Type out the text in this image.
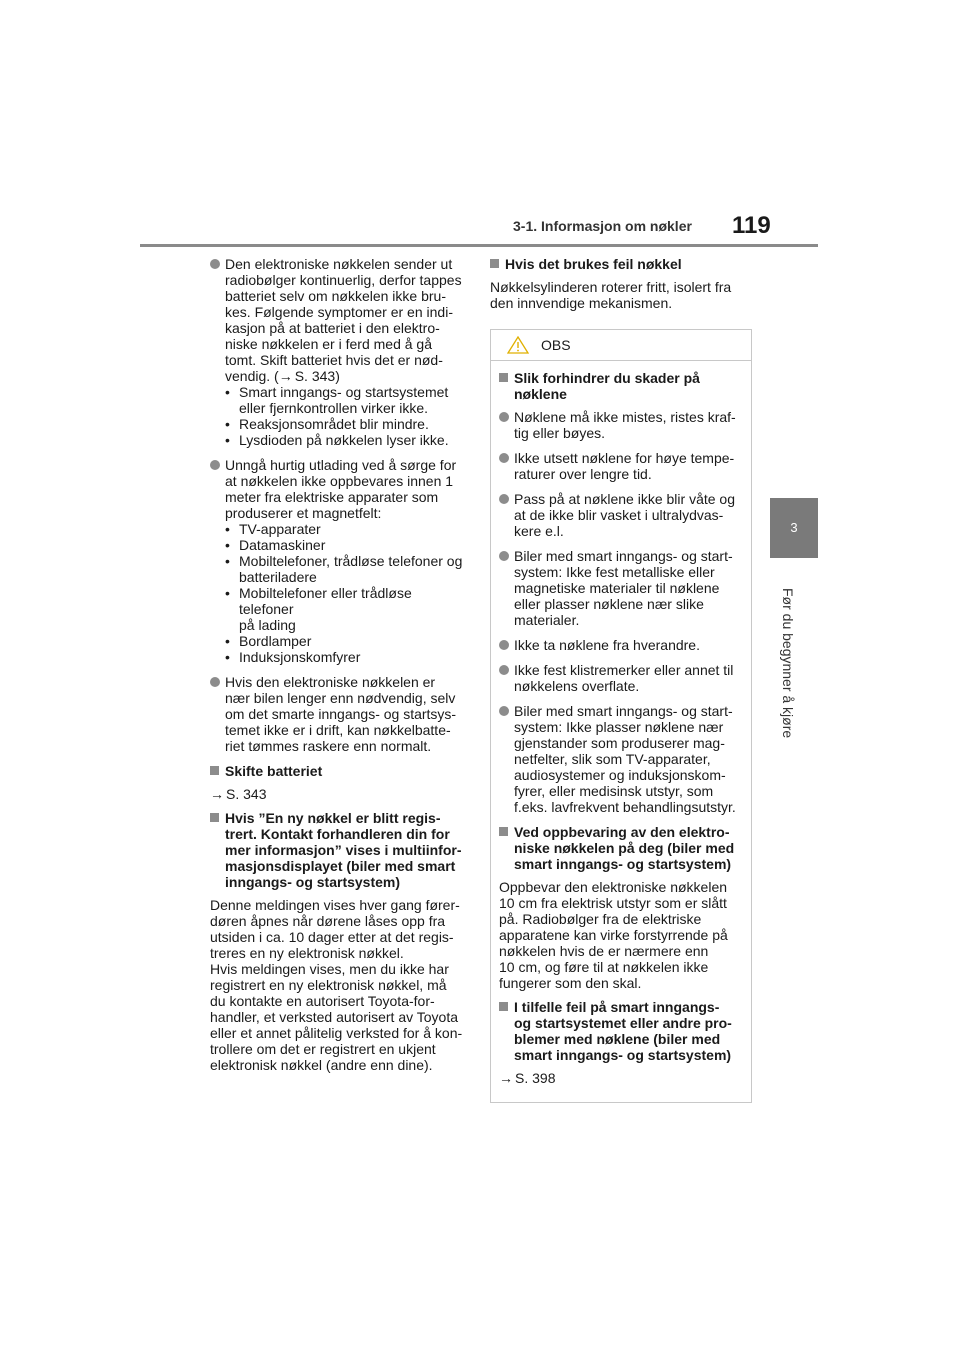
3-1. Informasjon om nøkler 119
3
Før du begynner å kjøre
Den elektroniske nøkkelen sender ut
radiobølger kontinuerlig, derfor tappes
batteriet selv om nøkkelen ikke bru-
kes. Følgende symptomer er en indi-
kasjon på at batteriet i den elektro-
niske nøkkelen er i ferd med å gå
tomt. Skift batteriet hvis det er nød-
vendig. (→ S. 343)
• Smart inngangs- og startsystemet
eller fjernkontrollen virker ikke.
• Reaksjonsområdet blir mindre.
• Lysdioden på nøkkelen lyser ikke.
Unngå hurtig utlading ved å sørge for
at nøkkelen ikke oppbevares innen 1
meter fra elektriske apparater som
produserer et magnetfelt:
• TV-apparater
• Datamaskiner
• Mobiltelefoner, trådløse telefoner og
batteriladere
• Mobiltelefoner eller trådløse telefoner
på lading
• Bordlamper
• Induksjonskomfyrer
Hvis den elektroniske nøkkelen er
nær bilen lenger enn nødvendig, selv
om det smarte inngangs- og startsys-
temet ikke er i drift, kan nøkkelbatte-
riet tømmes raskere enn normalt.
Skifte batteriet
→ S. 343
Hvis ”En ny nøkkel er blitt regis-
trert. Kontakt forhandleren din for
mer informasjon” vises i multiinfor-
masjonsdisplayet (biler med smart
inngangs- og startsystem)
Denne meldingen vises hver gang fører-
døren åpnes når dørene låses opp fra
utsiden i ca. 10 dager etter at det regis-
treres en ny elektronisk nøkkel.
Hvis meldingen vises, men du ikke har
registrert en ny elektronisk nøkkel, må
du kontakte en autorisert Toyota-for-
handler, et verksted autorisert av Toyota
eller et annet pålitelig verksted for å kon-
trollere om det er registrert en ukjent
elektronisk nøkkel (andre enn dine).
Hvis det brukes feil nøkkel
Nøkkelsylinderen roterer fritt, isolert fra
den innvendige mekanismen.
OBS
Slik forhindrer du skader på
nøklene
Nøklene må ikke mistes, ristes kraf-
tig eller bøyes.
Ikke utsett nøklene for høye tempe-
raturer over lengre tid.
Pass på at nøklene ikke blir våte og
at de ikke blir vasket i ultralydvas-
kere e.l.
Biler med smart inngangs- og start-
system: Ikke fest metalliske eller
magnetiske materialer til nøklene
eller plasser nøklene nær slike
materialer.
Ikke ta nøklene fra hverandre.
Ikke fest klistremerker eller annet til
nøkkelens overflate.
Biler med smart inngangs- og start-
system: Ikke plasser nøklene nær
gjenstander som produserer mag-
netfelter, slik som TV-apparater,
audiosystemer og induksjonskom-
fyrer, eller medisinsk utstyr, som
f.eks. lavfrekvent behandlingsutstyr.
Ved oppbevaring av den elektro-
niske nøkkelen på deg (biler med
smart inngangs- og startsystem)
Oppbevar den elektroniske nøkkelen
10 cm fra elektrisk utstyr som er slått
på. Radiobølger fra de elektriske
apparatene kan virke forstyrrende på
nøkkelen hvis de er nærmere enn
10 cm, og føre til at nøkkelen ikke
fungerer som den skal.
I tilfelle feil på smart inngangs-
og startsystemet eller andre pro-
blemer med nøklene (biler med
smart inngangs- og startsystem)
→ S. 398
